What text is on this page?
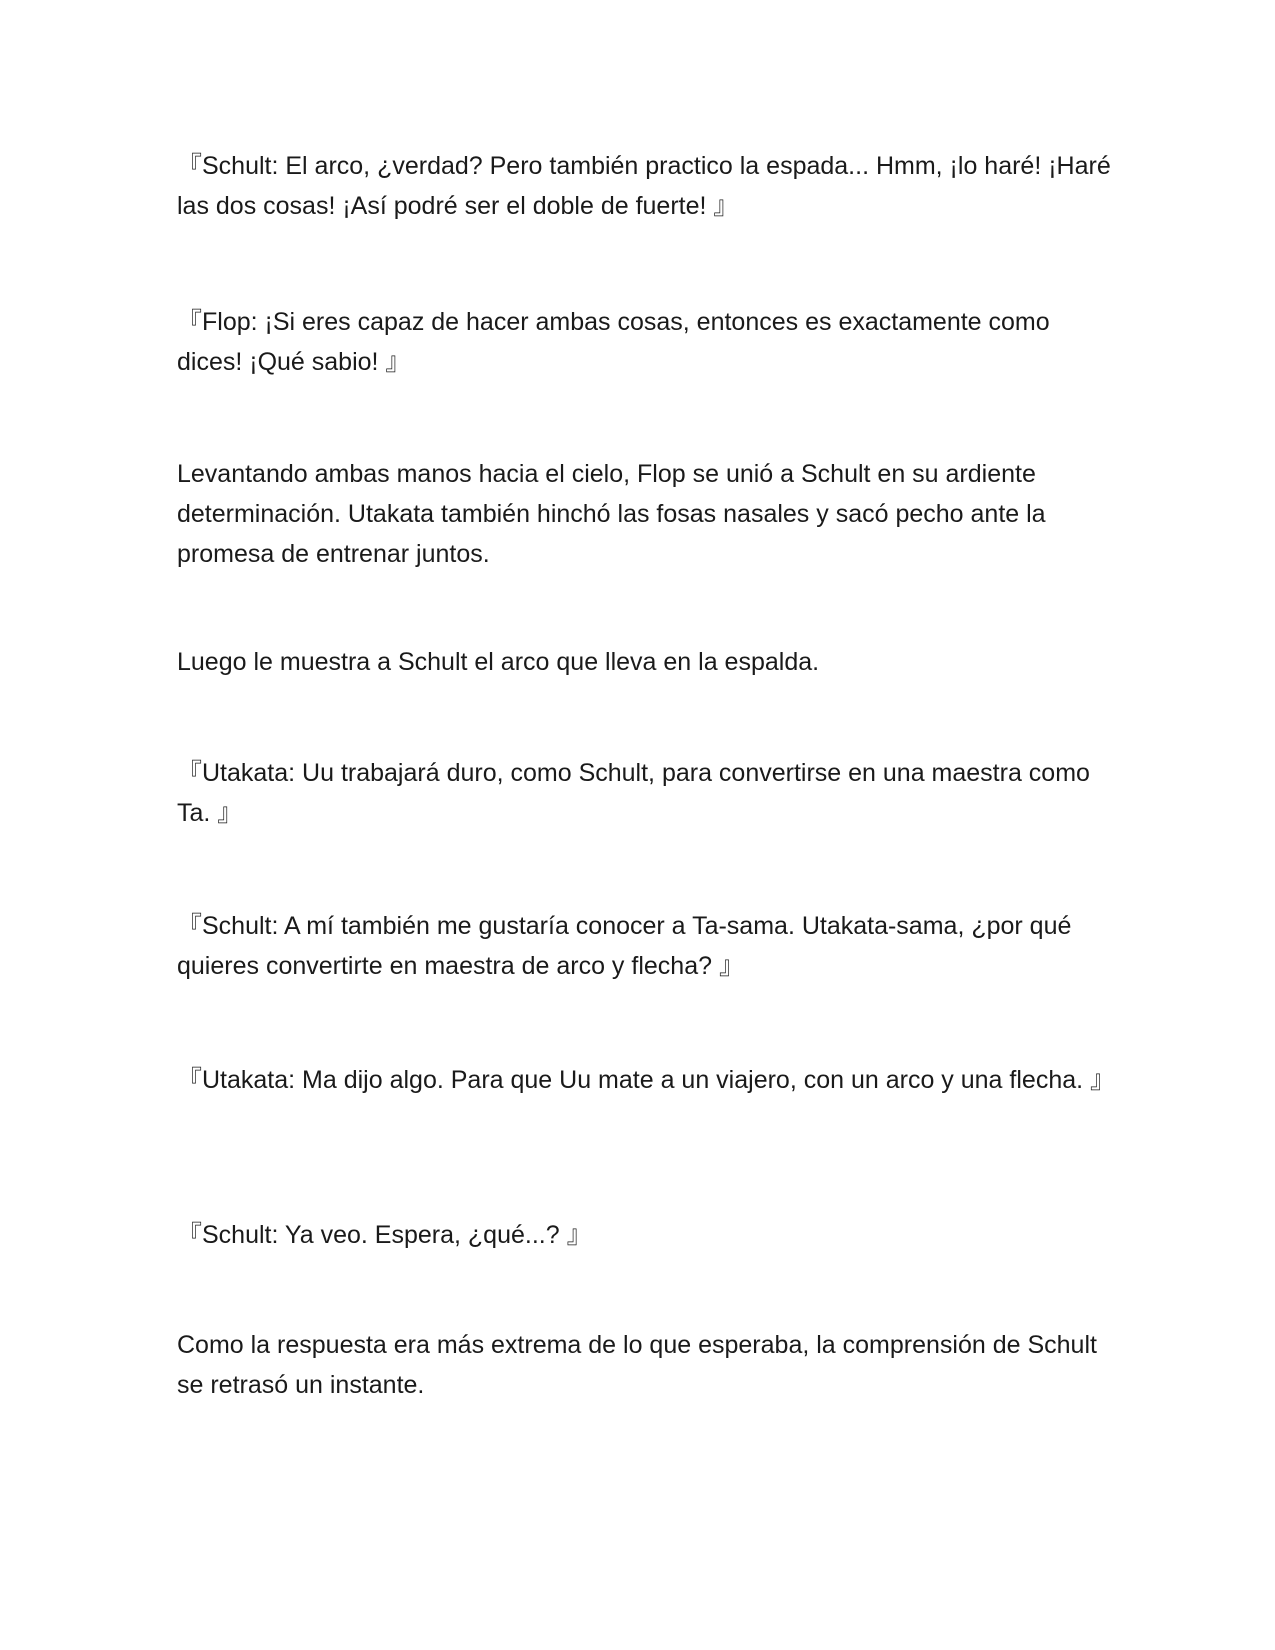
『Schult: El arco, ¿verdad? Pero también practico la espada... Hmm, ¡lo haré! ¡Haré las dos cosas! ¡Así podré ser el doble de fuerte! 』

『Flop: ¡Si eres capaz de hacer ambas cosas, entonces es exactamente como dices! ¡Qué sabio! 』

Levantando ambas manos hacia el cielo, Flop se unió a Schult en su ardiente determinación. Utakata también hinchó las fosas nasales y sacó pecho ante la promesa de entrenar juntos.

Luego le muestra a Schult el arco que lleva en la espalda.

『Utakata: Uu trabajará duro, como Schult, para convertirse en una maestra como Ta. 』

『Schult: A mí también me gustaría conocer a Ta-sama. Utakata-sama, ¿por qué quieres convertirte en maestra de arco y flecha? 』

『Utakata: Ma dijo algo. Para que Uu mate a un viajero, con un arco y una flecha. 』

『Schult: Ya veo. Espera, ¿qué...? 』

Como la respuesta era más extrema de lo que esperaba, la comprensión de Schult se retrasó un instante.
